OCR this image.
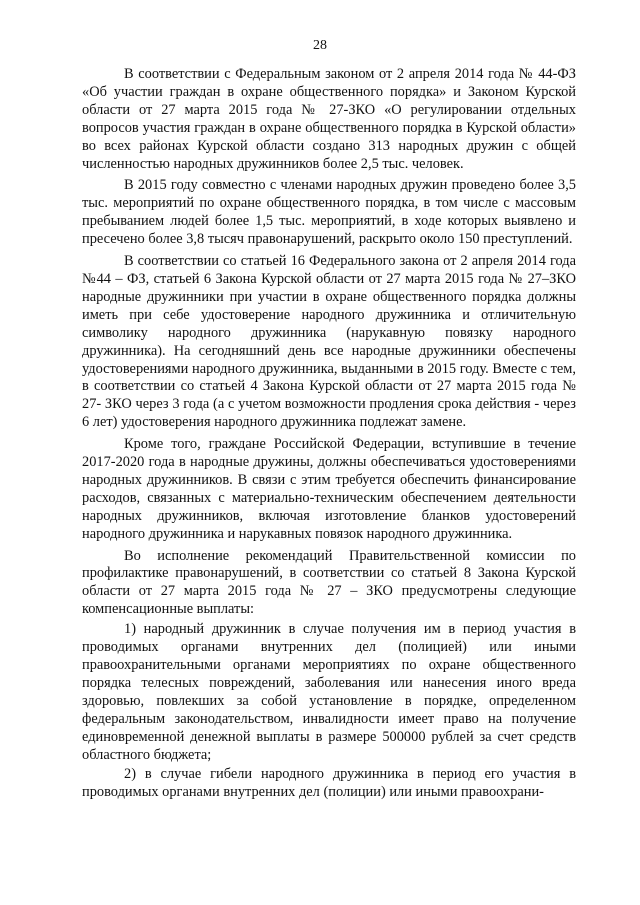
28

В соответствии с Федеральным законом от 2 апреля 2014 года № 44-ФЗ «Об участии граждан в охране общественного порядка» и Законом Курской области от 27 марта 2015 года № 27-ЗКО «О регулировании отдельных вопросов участия граждан в охране общественного порядка в Курской области» во всех районах Курской области создано 313 народных дружин с общей численностью народных дружинников более 2,5 тыс. человек.

В 2015 году совместно с членами народных дружин проведено более 3,5 тыс. мероприятий по охране общественного порядка, в том числе с массовым пребыванием людей более 1,5 тыс. мероприятий, в ходе которых выявлено и пресечено более 3,8 тысяч правонарушений, раскрыто около 150 преступлений.

В соответствии со статьей 16 Федерального закона от 2 апреля 2014 года №44 – ФЗ, статьей 6 Закона Курской области от 27 марта 2015 года № 27–ЗКО народные дружинники при участии в охране общественного порядка должны иметь при себе удостоверение народного дружинника и отличительную символику народного дружинника (нарукавную повязку народного дружинника). На сегодняшний день все народные дружинники обеспечены удостоверениями народного дружинника, выданными в 2015 году. Вместе с тем, в соответствии со статьей 4 Закона Курской области от 27 марта 2015 года № 27- ЗКО через 3 года (а с учетом возможности продления срока действия - через 6 лет) удостоверения народного дружинника подлежат замене.

Кроме того, граждане Российской Федерации, вступившие в течение 2017-2020 года в народные дружины, должны обеспечиваться удостоверениями народных дружинников. В связи с этим требуется обеспечить финансирование расходов, связанных с материально-техническим обеспечением деятельности народных дружинников, включая изготовление бланков удостоверений народного дружинника и нарукавных повязок народного дружинника.

Во исполнение рекомендаций Правительственной комиссии по профилактике правонарушений, в соответствии со статьей 8 Закона Курской области от 27 марта 2015 года № 27 – ЗКО предусмотрены следующие компенсационные выплаты:

1) народный дружинник в случае получения им в период участия в проводимых органами внутренних дел (полицией) или иными правоохранительными органами мероприятиях по охране общественного порядка телесных повреждений, заболевания или нанесения иного вреда здоровью, повлекших за собой установление в порядке, определенном федеральным законодательством, инвалидности имеет право на получение единовременной денежной выплаты в размере 500000 рублей за счет средств областного бюджета;

2) в случае гибели народного дружинника в период его участия в проводимых органами внутренних дел (полиции) или иными правоохрани-
